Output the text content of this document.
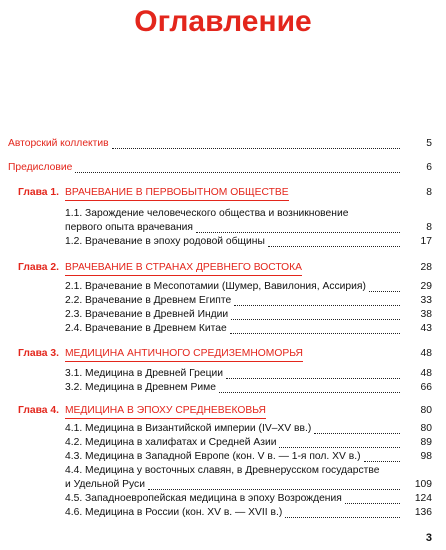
Оглавление
Авторский коллектив	5
Предисловие	6
Глава 1. ВРАЧЕВАНИЕ В ПЕРВОБЫТНОМ ОБЩЕСТВЕ	8
1.1. Зарождение человеческого общества и возникновение
первого опыта врачевания	8
1.2. Врачевание в эпоху родовой общины	17
Глава 2. ВРАЧЕВАНИЕ В СТРАНАХ ДРЕВНЕГО ВОСТОКА	28
2.1. Врачевание в Месопотамии (Шумер, Вавилония, Ассирия)	29
2.2. Врачевание в Древнем Египте	33
2.3. Врачевание в Древней Индии	38
2.4. Врачевание в Древнем Китае	43
Глава 3. МЕДИЦИНА АНТИЧНОГО СРЕДИЗЕМНОМОРЬЯ	48
3.1. Медицина в Древней Греции	48
3.2. Медицина в Древнем Риме	66
Глава 4. МЕДИЦИНА В ЭПОХУ СРЕДНЕВЕКОВЬЯ	80
4.1. Медицина в Византийской империи (IV–XV вв.)	80
4.2. Медицина в халифатах и Средней Азии	89
4.3. Медицина в Западной Европе (кон. V в. — 1-я пол. XV в.)	98
4.4. Медицина у восточных славян, в Древнерусском государстве
и Удельной Руси	109
4.5. Западноевропейская медицина в эпоху Возрождения	124
4.6. Медицина в России (кон. XV в. — XVII в.)	136
3
